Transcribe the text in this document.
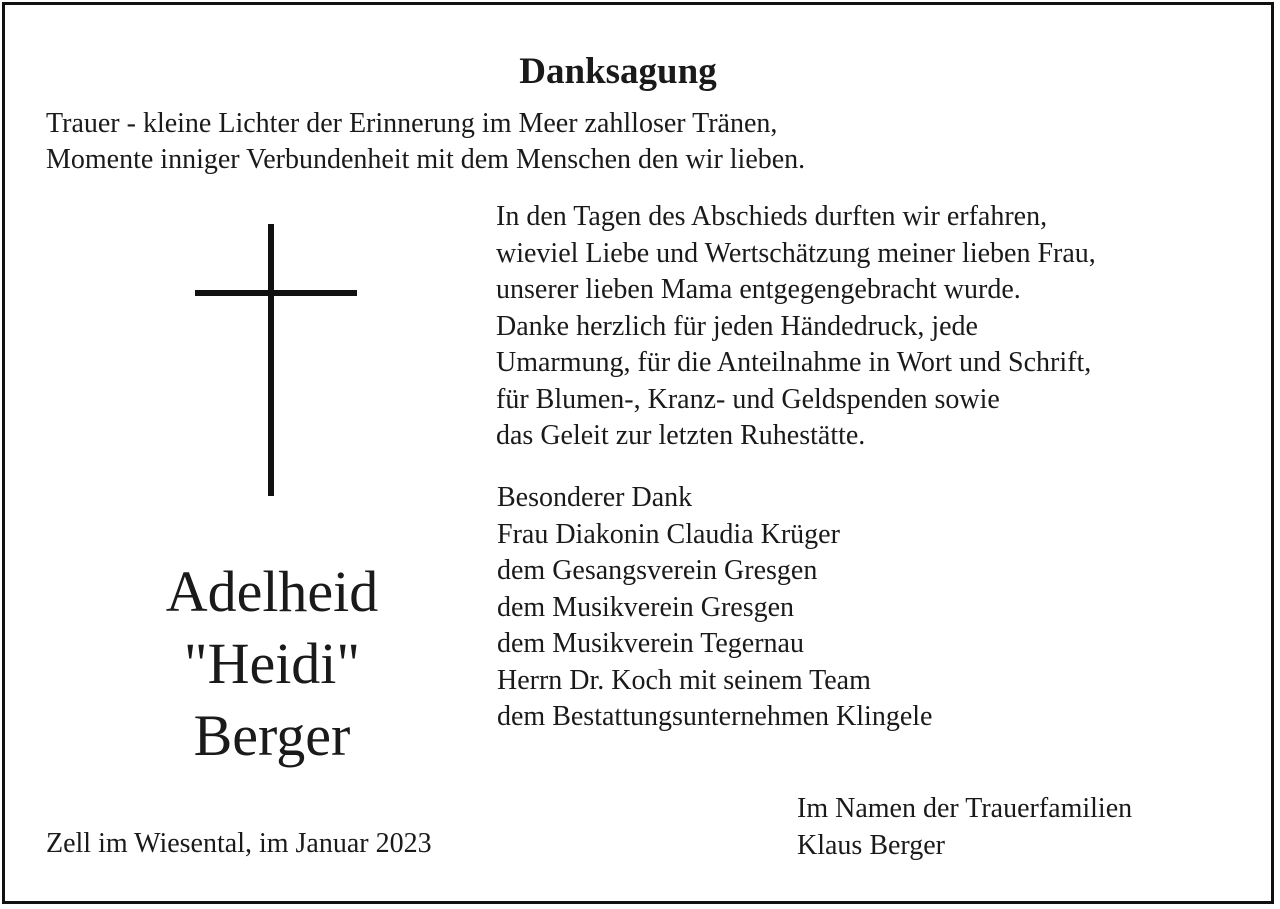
Danksagung
Trauer - kleine Lichter der Erinnerung im Meer zahlloser Tränen,
Momente inniger Verbundenheit mit dem Menschen den wir lieben.
Adelheid
"Heidi"
Berger
In den Tagen des Abschieds durften wir erfahren,
wieviel Liebe und Wertschätzung meiner lieben Frau,
unserer lieben Mama entgegengebracht wurde.
Danke herzlich für jeden Händedruck, jede
Umarmung, für die Anteilnahme in Wort und Schrift,
für Blumen-, Kranz- und Geldspenden sowie
das Geleit zur letzten Ruhestätte.
Besonderer Dank
Frau Diakonin Claudia Krüger
dem Gesangsverein Gresgen
dem Musikverein Gresgen
dem Musikverein Tegernau
Herrn Dr. Koch mit seinem Team
dem Bestattungsunternehmen Klingele
Zell im Wiesental, im Januar 2023
Im Namen der Trauerfamilien
Klaus Berger
